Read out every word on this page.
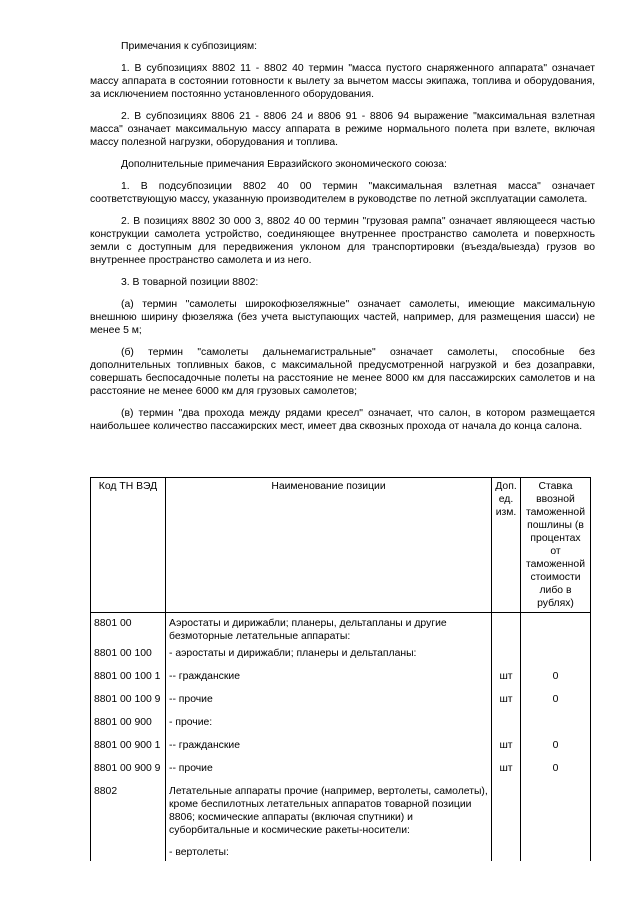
Примечания к субпозициям:

1. В субпозициях 8802 11 - 8802 40 термин "масса пустого снаряженного аппарата" означает массу аппарата в состоянии готовности к вылету за вычетом массы экипажа, топлива и оборудования, за исключением постоянно установленного оборудования.

2. В субпозициях 8806 21 - 8806 24 и 8806 91 - 8806 94 выражение "максимальная взлетная масса" означает максимальную массу аппарата в режиме нормального полета при взлете, включая массу полезной нагрузки, оборудования и топлива.

Дополнительные примечания Евразийского экономического союза:

1. В подсубпозиции 8802 40 00 термин "максимальная взлетная масса" означает соответствующую массу, указанную производителем в руководстве по летной эксплуатации самолета.

2. В позициях 8802 30 000 3, 8802 40 00 термин "грузовая рампа" означает являющееся частью конструкции самолета устройство, соединяющее внутреннее пространство самолета и поверхность земли с доступным для передвижения уклоном для транспортировки (въезда/выезда) грузов во внутреннее пространство самолета и из него.

3. В товарной позиции 8802:

(а) термин "самолеты широкофюзеляжные" означает самолеты, имеющие максимальную внешнюю ширину фюзеляжа (без учета выступающих частей, например, для размещения шасси) не менее 5 м;

(б) термин "самолеты дальнемагистральные" означает самолеты, способные без дополнительных топливных баков, с максимальной предусмотренной нагрузкой и без дозаправки, совершать беспосадочные полеты на расстояние не менее 8000 км для пассажирских самолетов и на расстояние не менее 6000 км для грузовых самолетов;

(в) термин "два прохода между рядами кресел" означает, что салон, в котором размещается наибольшее количество пассажирских мест, имеет два сквозных прохода от начала до конца салона.

Код ТН ВЭД	Наименование позиции	Доп. ед. изм.	Ставка ввозной таможенной пошлины (в процентах от таможенной стоимости либо в рублях)
8801 00	Аэростаты и дирижабли; планеры, дельтапланы и другие безмоторные летательные аппараты:		
8801 00 100	- аэростаты и дирижабли; планеры и дельтапланы:		
8801 00 100 1	-- гражданские	шт	0
8801 00 100 9	-- прочие	шт	0
8801 00 900	- прочие:		
8801 00 900 1	-- гражданские	шт	0
8801 00 900 9	-- прочие	шт	0
8802	Летательные аппараты прочие (например, вертолеты, самолеты), кроме беспилотных летательных аппаратов товарной позиции 8806; космические аппараты (включая спутники) и суборбитальные и космические ракеты-носители:
- вертолеты:		
